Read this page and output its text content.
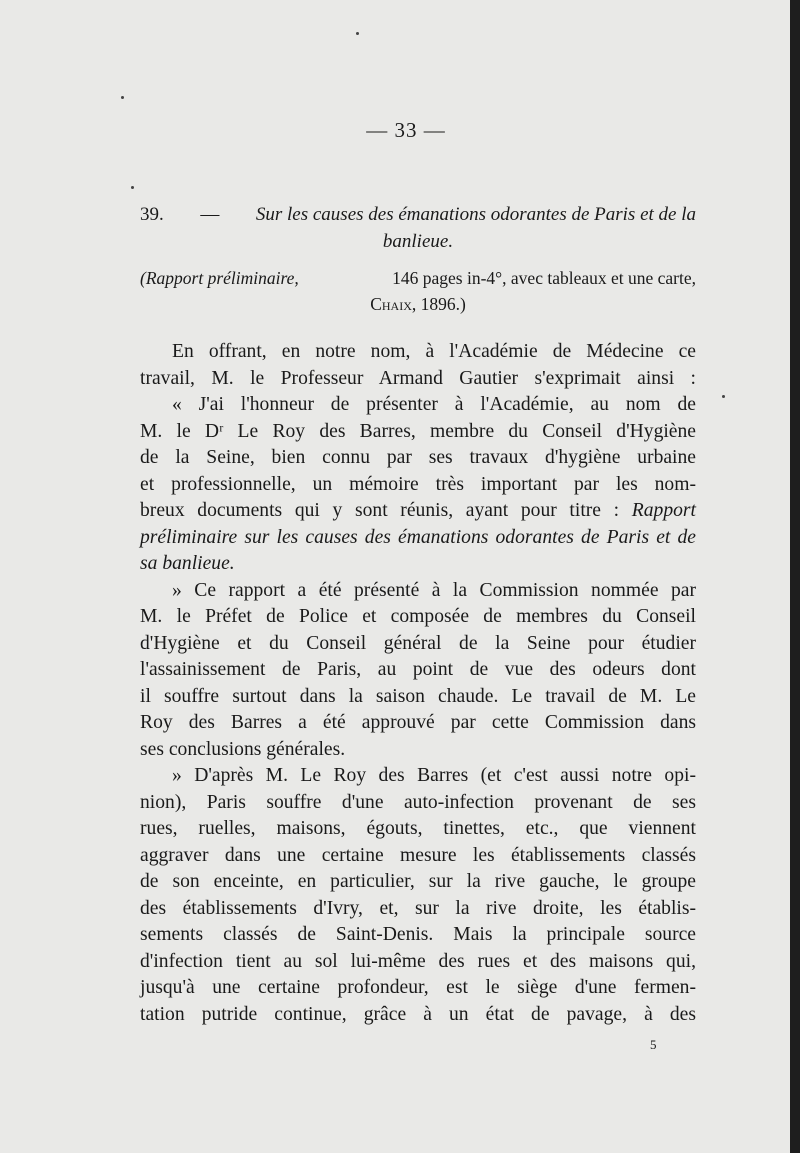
— 33 —
39. — Sur les causes des émanations odorantes de Paris et de la
banlieue.
(Rapport préliminaire,	146 pages in-4°, avec tableaux et une carte,
Chaix, 1896.)
En offrant, en notre nom, à l'Académie de Médecine ce
travail, M. le Professeur Armand Gautier s'exprimait ainsi :
« J'ai l'honneur de présenter à l'Académie, au nom de
M. le Dʳ Le Roy des Barres, membre du Conseil d'Hygiène
de la Seine, bien connu par ses travaux d'hygiène urbaine
et professionnelle, un mémoire très important par les nom-
breux documents qui y sont réunis, ayant pour titre : Rapport
préliminaire sur les causes des émanations odorantes de Paris et de
sa banlieue.
» Ce rapport a été présenté à la Commission nommée par
M. le Préfet de Police et composée de membres du Conseil
d'Hygiène et du Conseil général de la Seine pour étudier
l'assainissement de Paris, au point de vue des odeurs dont
il souffre surtout dans la saison chaude. Le travail de M. Le
Roy des Barres a été approuvé par cette Commission dans
ses conclusions générales.
» D'après M. Le Roy des Barres (et c'est aussi notre opi-
nion), Paris souffre d'une auto-infection provenant de ses
rues, ruelles, maisons, égouts, tinettes, etc., que viennent
aggraver dans une certaine mesure les établissements classés
de son enceinte, en particulier, sur la rive gauche, le groupe
des établissements d'Ivry, et, sur la rive droite, les établis-
sements classés de Saint-Denis. Mais la principale source
d'infection tient au sol lui-même des rues et des maisons qui,
jusqu'à une certaine profondeur, est le siège d'une fermen-
tation putride continue, grâce à un état de pavage, à des
5
